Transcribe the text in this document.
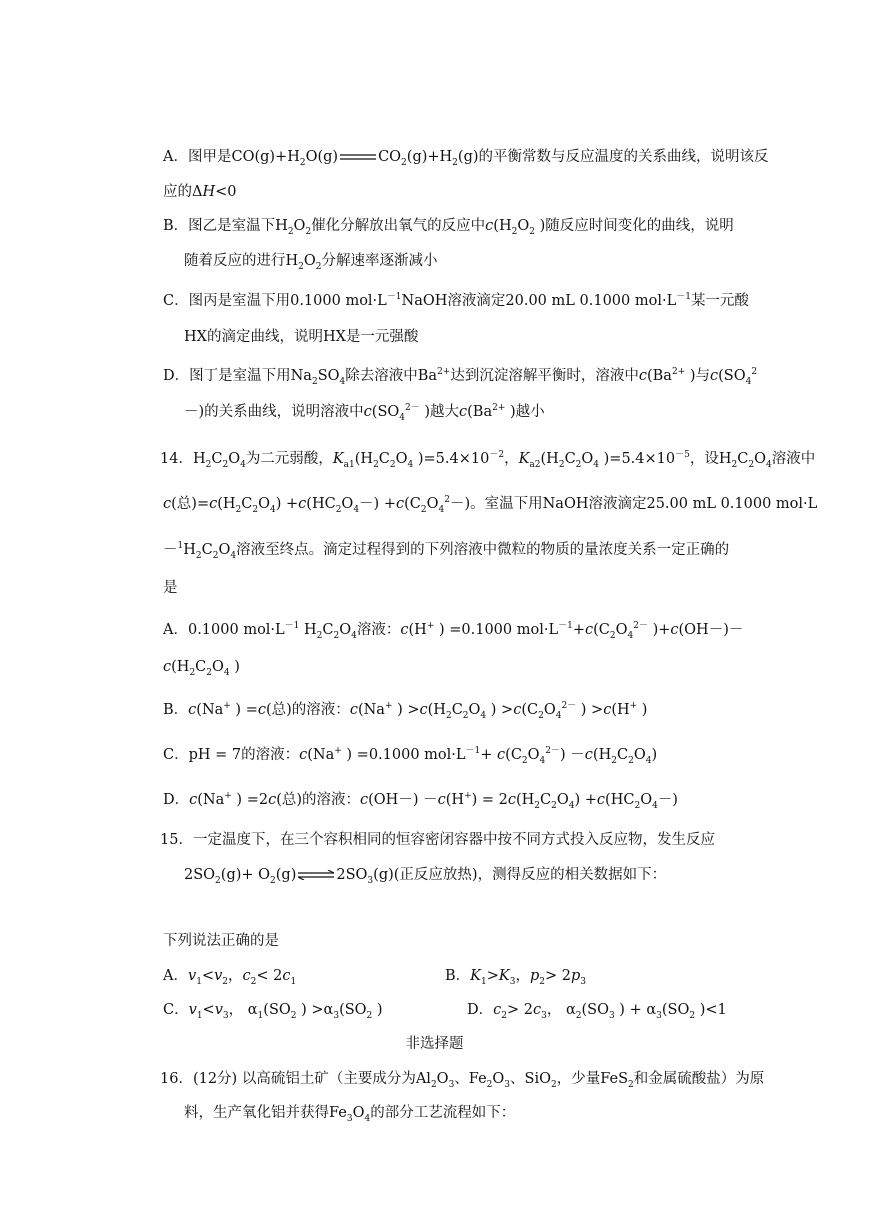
A．图甲是$CO(g)+H_2O(g)$	$CO_2(g)+H_2(g)$的平衡常数与反应温度的关系曲线，说明该反
应的ΔH<0
B．图乙是室温下$H_2O_2$催化分解放出氧气的反应中$c(H_2O_2$ )随反应时间变化的曲线，说明
随着反应的进行$H_2O_2$分解速率逐渐减小
C．图丙是室温下用0.1000 $mol\cdot L^{-1}NaOH$溶液滴定20.00 mL 0.1000 $mol\cdot L^{-1}$某一元酸
HX的滴定曲线，说明HX是一元强酸
D．图丁是室温下用$Na_2SO_4$除去溶液中$Ba^{2+}$达到沉淀溶解平衡时，溶液中$c(Ba^{2+}$ )与$c(SO_4^2$
－)的关系曲线，说明溶液中$c(SO_4^{2-}$ )越大$c(Ba^{2+}$ )越小
14．$H_2C_2O_4$为二元弱酸，$K_{a1}(H_2C_2O_4$ )$=5.4\times 10^{-2}$，$K_{a2}(H_2C_2O_4$ )$=5.4\times 10^{-5}$，设$H_2C_2O_4$溶液中
c(总)$=c(H_2C_2O_4) +c(HC_2O_4-) +c(C_2O_4^2-)$。室温下用NaOH溶液滴定25.00 mL 0.1000 mol·L
$-^1H_2C_2O_4$溶液至终点。滴定过程得到的下列溶液中微粒的物质的量浓度关系一定正确的
是
A．0.1000 $mol\cdot L^{-1}$ $H_2C_2O_4$溶液：c(H+ ) =0.1000 $mol\cdot L^{-1}+c(C_2O_4^{2-}$ )+c(OH－)－
$c(H_2C_2O_4$ )
B．c(Na+ ) =c(总)的溶液：c(Na+ ) $>c(H_2C_2O_4$ ) $>c(C_2O_4^{2-}$ ) >c(H+ )
C．pH = 7的溶液：c(Na+ ) =0.1000 $mol\cdot L^{-1}+ c(C_2O_4^{2-}) -c(H_2C_2O_4)$
D．c(Na+ ) =2c(总)的溶液：$c(OH-) -c(H^+) = 2c(H_2C_2O_4) +c(HC_2O_4-)$
15．一定温度下，在三个容积相同的恒容密闭容器中按不同方式投入反应物，发生反应
$2SO_2(g)+$ $O_2(g)\rightleftharpoons 2SO_3(g)$(正反应放热)，测得反应的相关数据如下：
下列说法正确的是
A．$v_1<v_2$，$c_2< 2c_1$	B．$K_1>K_3$，$p_2> 2p_3$
C．$v_1<v_3$， $\alpha_1(SO_2$ ) $>\alpha_3(SO_2$ )	D．$c_2> 2c_3$， $\alpha_2(SO_3$ ) + $\alpha_3(SO_2$ )<1
非选择题
16．(12分) 以高硫铝土矿（主要成分为$Al_2O_3$、$Fe_2O_3$、SiO$_2$，少量FeS$_2$和金属硫酸盐）为原
料，生产氧化铝并获得$Fe_3O_4$的部分工艺流程如下：
